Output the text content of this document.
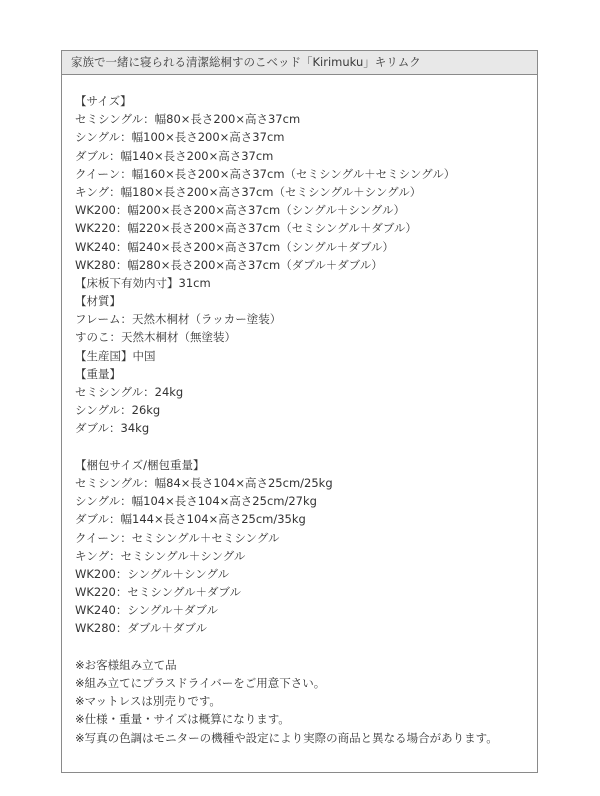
家族で一緒に寝られる清潔総桐すのこベッド「Kirimuku」キリムク
【サイズ】
セミシングル：幅80×長さ200×高さ37cm
シングル：幅100×長さ200×高さ37cm
ダブル：幅140×長さ200×高さ37cm
クイーン：幅160×長さ200×高さ37cm（セミシングル＋セミシングル）
キング：幅180×長さ200×高さ37cm（セミシングル＋シングル）
WK200：幅200×長さ200×高さ37cm（シングル＋シングル）
WK220：幅220×長さ200×高さ37cm（セミシングル＋ダブル）
WK240：幅240×長さ200×高さ37cm（シングル＋ダブル）
WK280：幅280×長さ200×高さ37cm（ダブル＋ダブル）
【床板下有効内寸】31cm
【材質】
フレーム：天然木桐材（ラッカー塗装）
すのこ：天然木桐材（無塗装）
【生産国】中国
【重量】
セミシングル：24kg
シングル：26kg
ダブル：34kg
【梱包サイズ/梱包重量】
セミシングル：幅84×長さ104×高さ25cm/25kg
シングル：幅104×長さ104×高さ25cm/27kg
ダブル：幅144×長さ104×高さ25cm/35kg
クイーン：セミシングル＋セミシングル
キング：セミシングル＋シングル
WK200：シングル＋シングル
WK220：セミシングル＋ダブル
WK240：シングル＋ダブル
WK280：ダブル＋ダブル
※お客様組み立て品
※組み立てにプラスドライバーをご用意下さい。
※マットレスは別売りです。
※仕様・重量・サイズは概算になります。
※写真の色調はモニターの機種や設定により実際の商品と異なる場合があります。
